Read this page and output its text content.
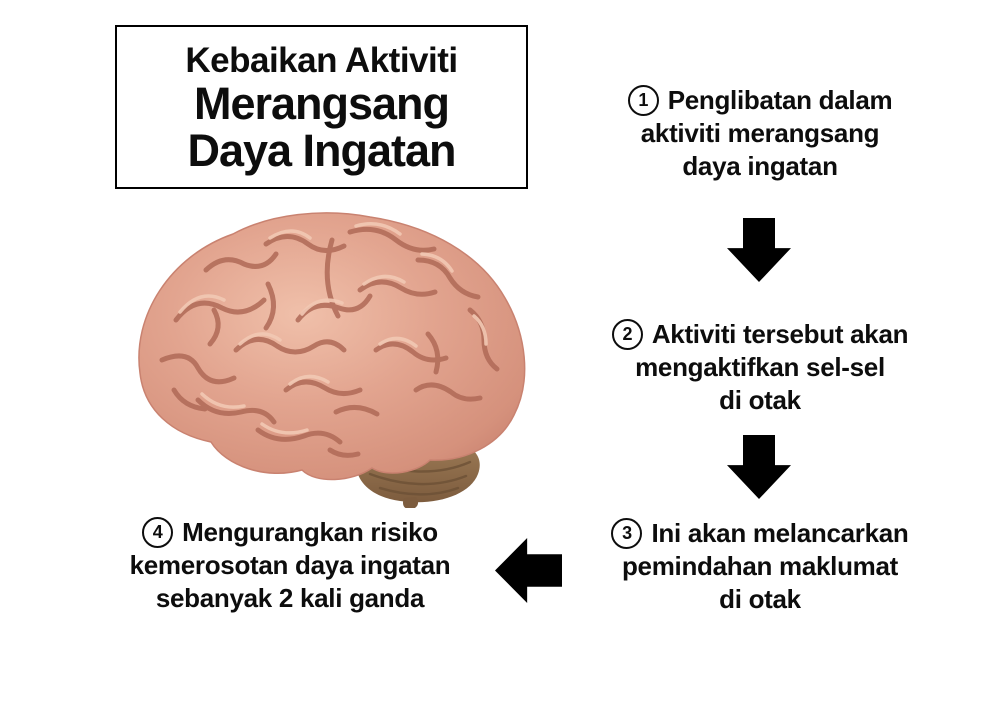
Kebaikan Aktiviti
Merangsang
Daya Ingatan
1 Penglibatan dalam
aktiviti merangsang
daya ingatan
2 Aktiviti tersebut akan
mengaktifkan sel-sel
di otak
3 Ini akan melancarkan
pemindahan maklumat
di otak
4 Mengurangkan risiko
kemerosotan daya ingatan
sebanyak 2 kali ganda
